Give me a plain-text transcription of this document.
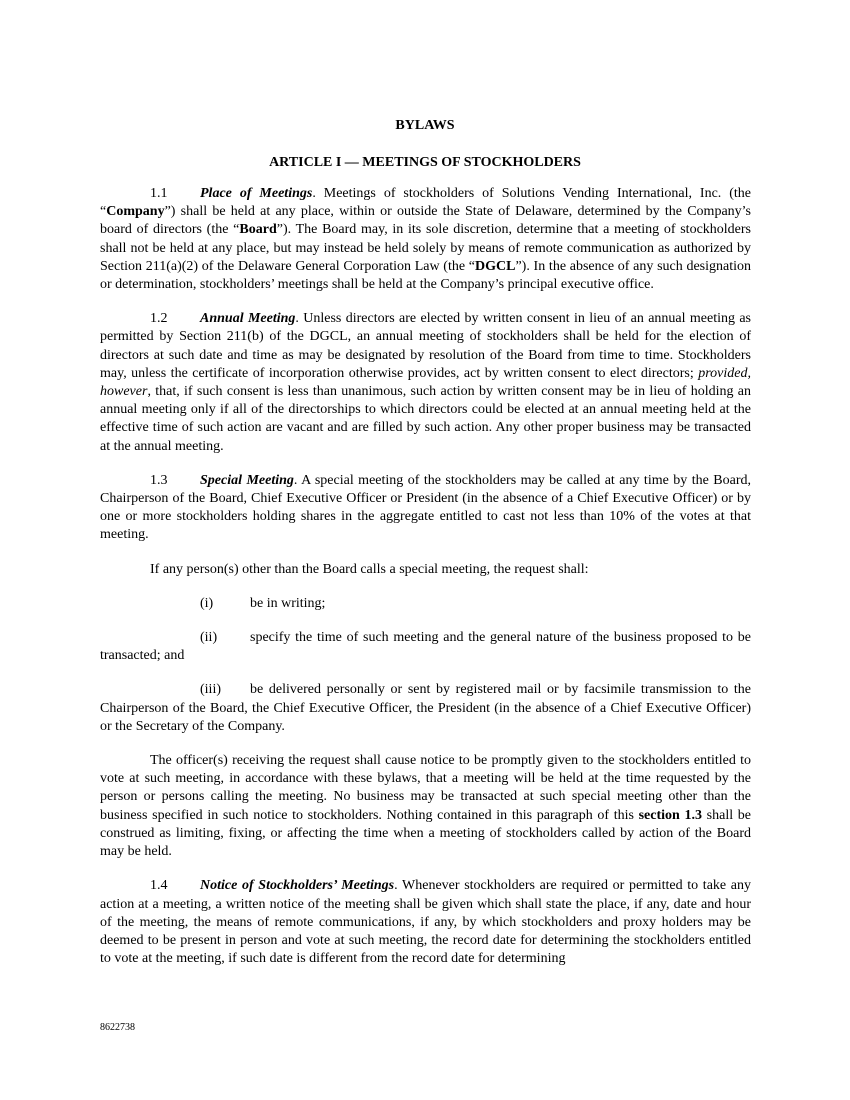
BYLAWS
ARTICLE I — MEETINGS OF STOCKHOLDERS

1.1 Place of Meetings. Meetings of stockholders of Solutions Vending International, Inc. (the “Company”) shall be held at any place, within or outside the State of Delaware, determined by the Company’s board of directors (the “Board”). The Board may, in its sole discretion, determine that a meeting of stockholders shall not be held at any place, but may instead be held solely by means of remote communication as authorized by Section 211(a)(2) of the Delaware General Corporation Law (the “DGCL”). In the absence of any such designation or determination, stockholders’ meetings shall be held at the Company’s principal executive office.

1.2 Annual Meeting. Unless directors are elected by written consent in lieu of an annual meeting as permitted by Section 211(b) of the DGCL, an annual meeting of stockholders shall be held for the election of directors at such date and time as may be designated by resolution of the Board from time to time. Stockholders may, unless the certificate of incorporation otherwise provides, act by written consent to elect directors; provided, however, that, if such consent is less than unanimous, such action by written consent may be in lieu of holding an annual meeting only if all of the directorships to which directors could be elected at an annual meeting held at the effective time of such action are vacant and are filled by such action. Any other proper business may be transacted at the annual meeting.

1.3 Special Meeting. A special meeting of the stockholders may be called at any time by the Board, Chairperson of the Board, Chief Executive Officer or President (in the absence of a Chief Executive Officer) or by one or more stockholders holding shares in the aggregate entitled to cast not less than 10% of the votes at that meeting.

If any person(s) other than the Board calls a special meeting, the request shall:

(i)	be in writing;

(ii) specify the time of such meeting and the general nature of the business proposed to be transacted; and

(iii) be delivered personally or sent by registered mail or by facsimile transmission to the Chairperson of the Board, the Chief Executive Officer, the President (in the absence of a Chief Executive Officer) or the Secretary of the Company.

The officer(s) receiving the request shall cause notice to be promptly given to the stockholders entitled to vote at such meeting, in accordance with these bylaws, that a meeting will be held at the time requested by the person or persons calling the meeting. No business may be transacted at such special meeting other than the business specified in such notice to stockholders. Nothing contained in this paragraph of this section 1.3 shall be construed as limiting, fixing, or affecting the time when a meeting of stockholders called by action of the Board may be held.

1.4 Notice of Stockholders’ Meetings. Whenever stockholders are required or permitted to take any action at a meeting, a written notice of the meeting shall be given which shall state the place, if any, date and hour of the meeting, the means of remote communications, if any, by which stockholders and proxy holders may be deemed to be present in person and vote at such meeting, the record date for determining the stockholders entitled to vote at the meeting, if such date is different from the record date for determining

8622738
